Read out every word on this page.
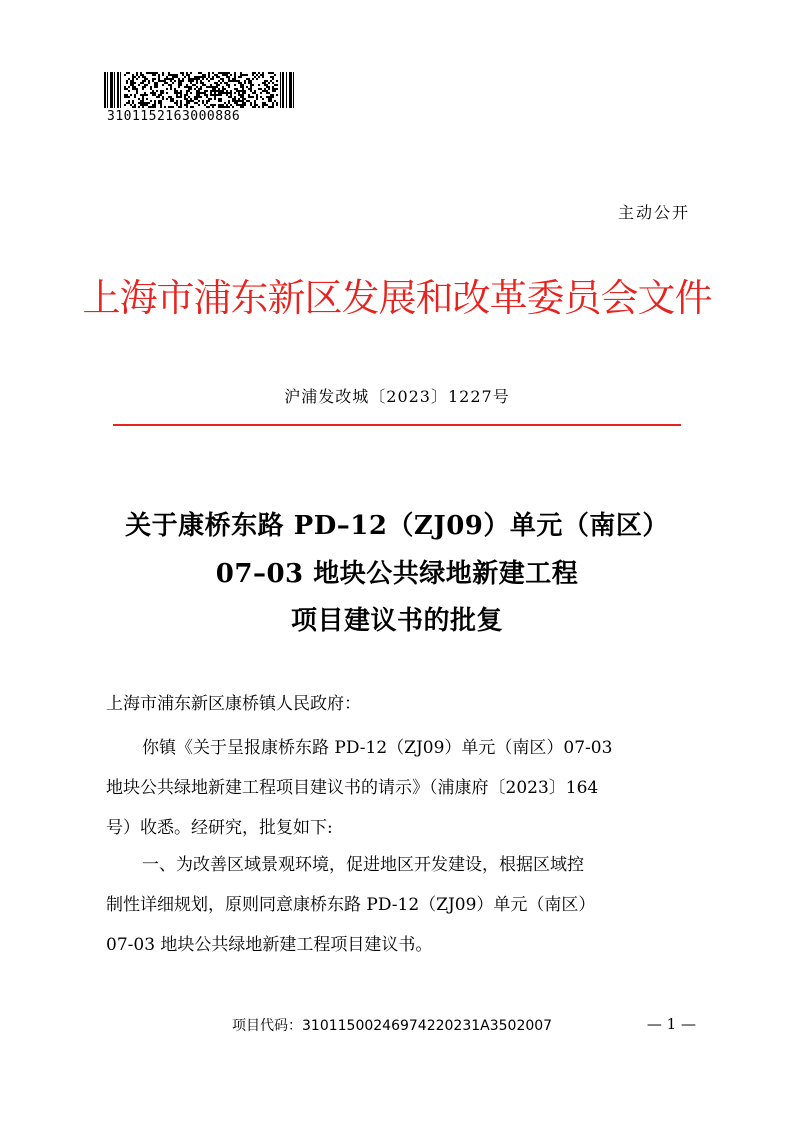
3101152163000886
主动公开
上海市浦东新区发展和改革委员会文件
沪浦发改城〔2023〕1227号
关于康桥东路 PD–12（ZJ09）单元（南区）
07–03 地块公共绿地新建工程
项目建议书的批复
上海市浦东新区康桥镇人民政府：
你镇《关于呈报康桥东路 PD-12（ZJ09）单元（南区）07-03
地块公共绿地新建工程项目建议书的请示》（浦康府〔2023〕164
号）收悉。经研究，批复如下:
一、为改善区域景观环境，促进地区开发建设，根据区域控
制性详细规划，原则同意康桥东路 PD-12（ZJ09）单元（南区）
07-03 地块公共绿地新建工程项目建议书。
项目代码：31011500246974220231A3502007	— 1 —
